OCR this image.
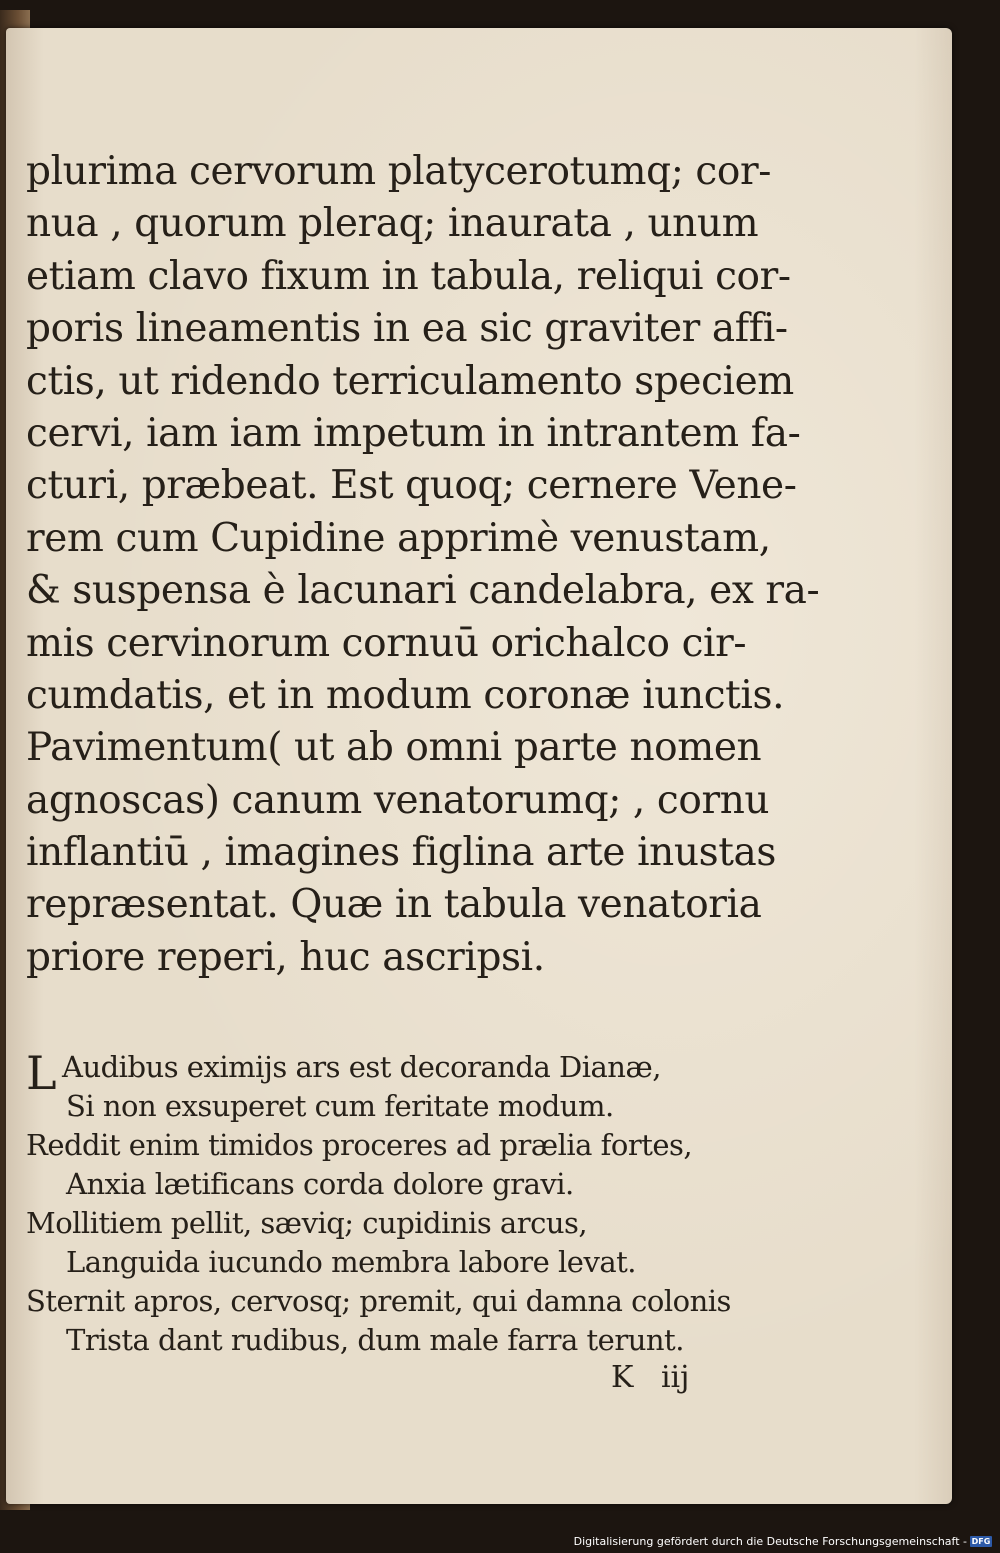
plurima cervorum platycerotumq; cor-
nua , quorum pleraq; inaurata , unum
etiam clavo fixum in tabula, reliqui cor-
poris lineamentis in ea sic graviter affi-
ctis, ut ridendo terriculamento speciem
cervi, iam iam impetum in intrantem fa-
cturi, præbeat. Est quoq; cernere Vene-
rem cum Cupidine apprimè venustam,
& suspensa è lacunari candelabra, ex ra-
mis cervinorum cornuū orichalco cir-
cumdatis, et in modum coronæ iunctis.
Pavimentum( ut ab omni parte nomen
agnoscas) canum venatorumq; , cornu
inflantiū , imagines figlina arte inustas
repræsentat. Quæ in tabula venatoria
priore reperi, huc ascripsi.
L Audibus eximijs ars est decoranda Dianæ,
Si non exsuperet cum feritate modum.
Reddit enim timidos proceres ad prælia fortes,
Anxia lætificans corda dolore gravi.
Mollitiem pellit, sæviq; cupidinis arcus,
Languida iucundo membra labore levat.
Sternit apros, cervosq; premit, qui damna colonis
Trista dant rudibus, dum male farra terunt.
K iij
Digitalisierung gefördert durch die Deutsche Forschungsgemeinschaft - DFG
